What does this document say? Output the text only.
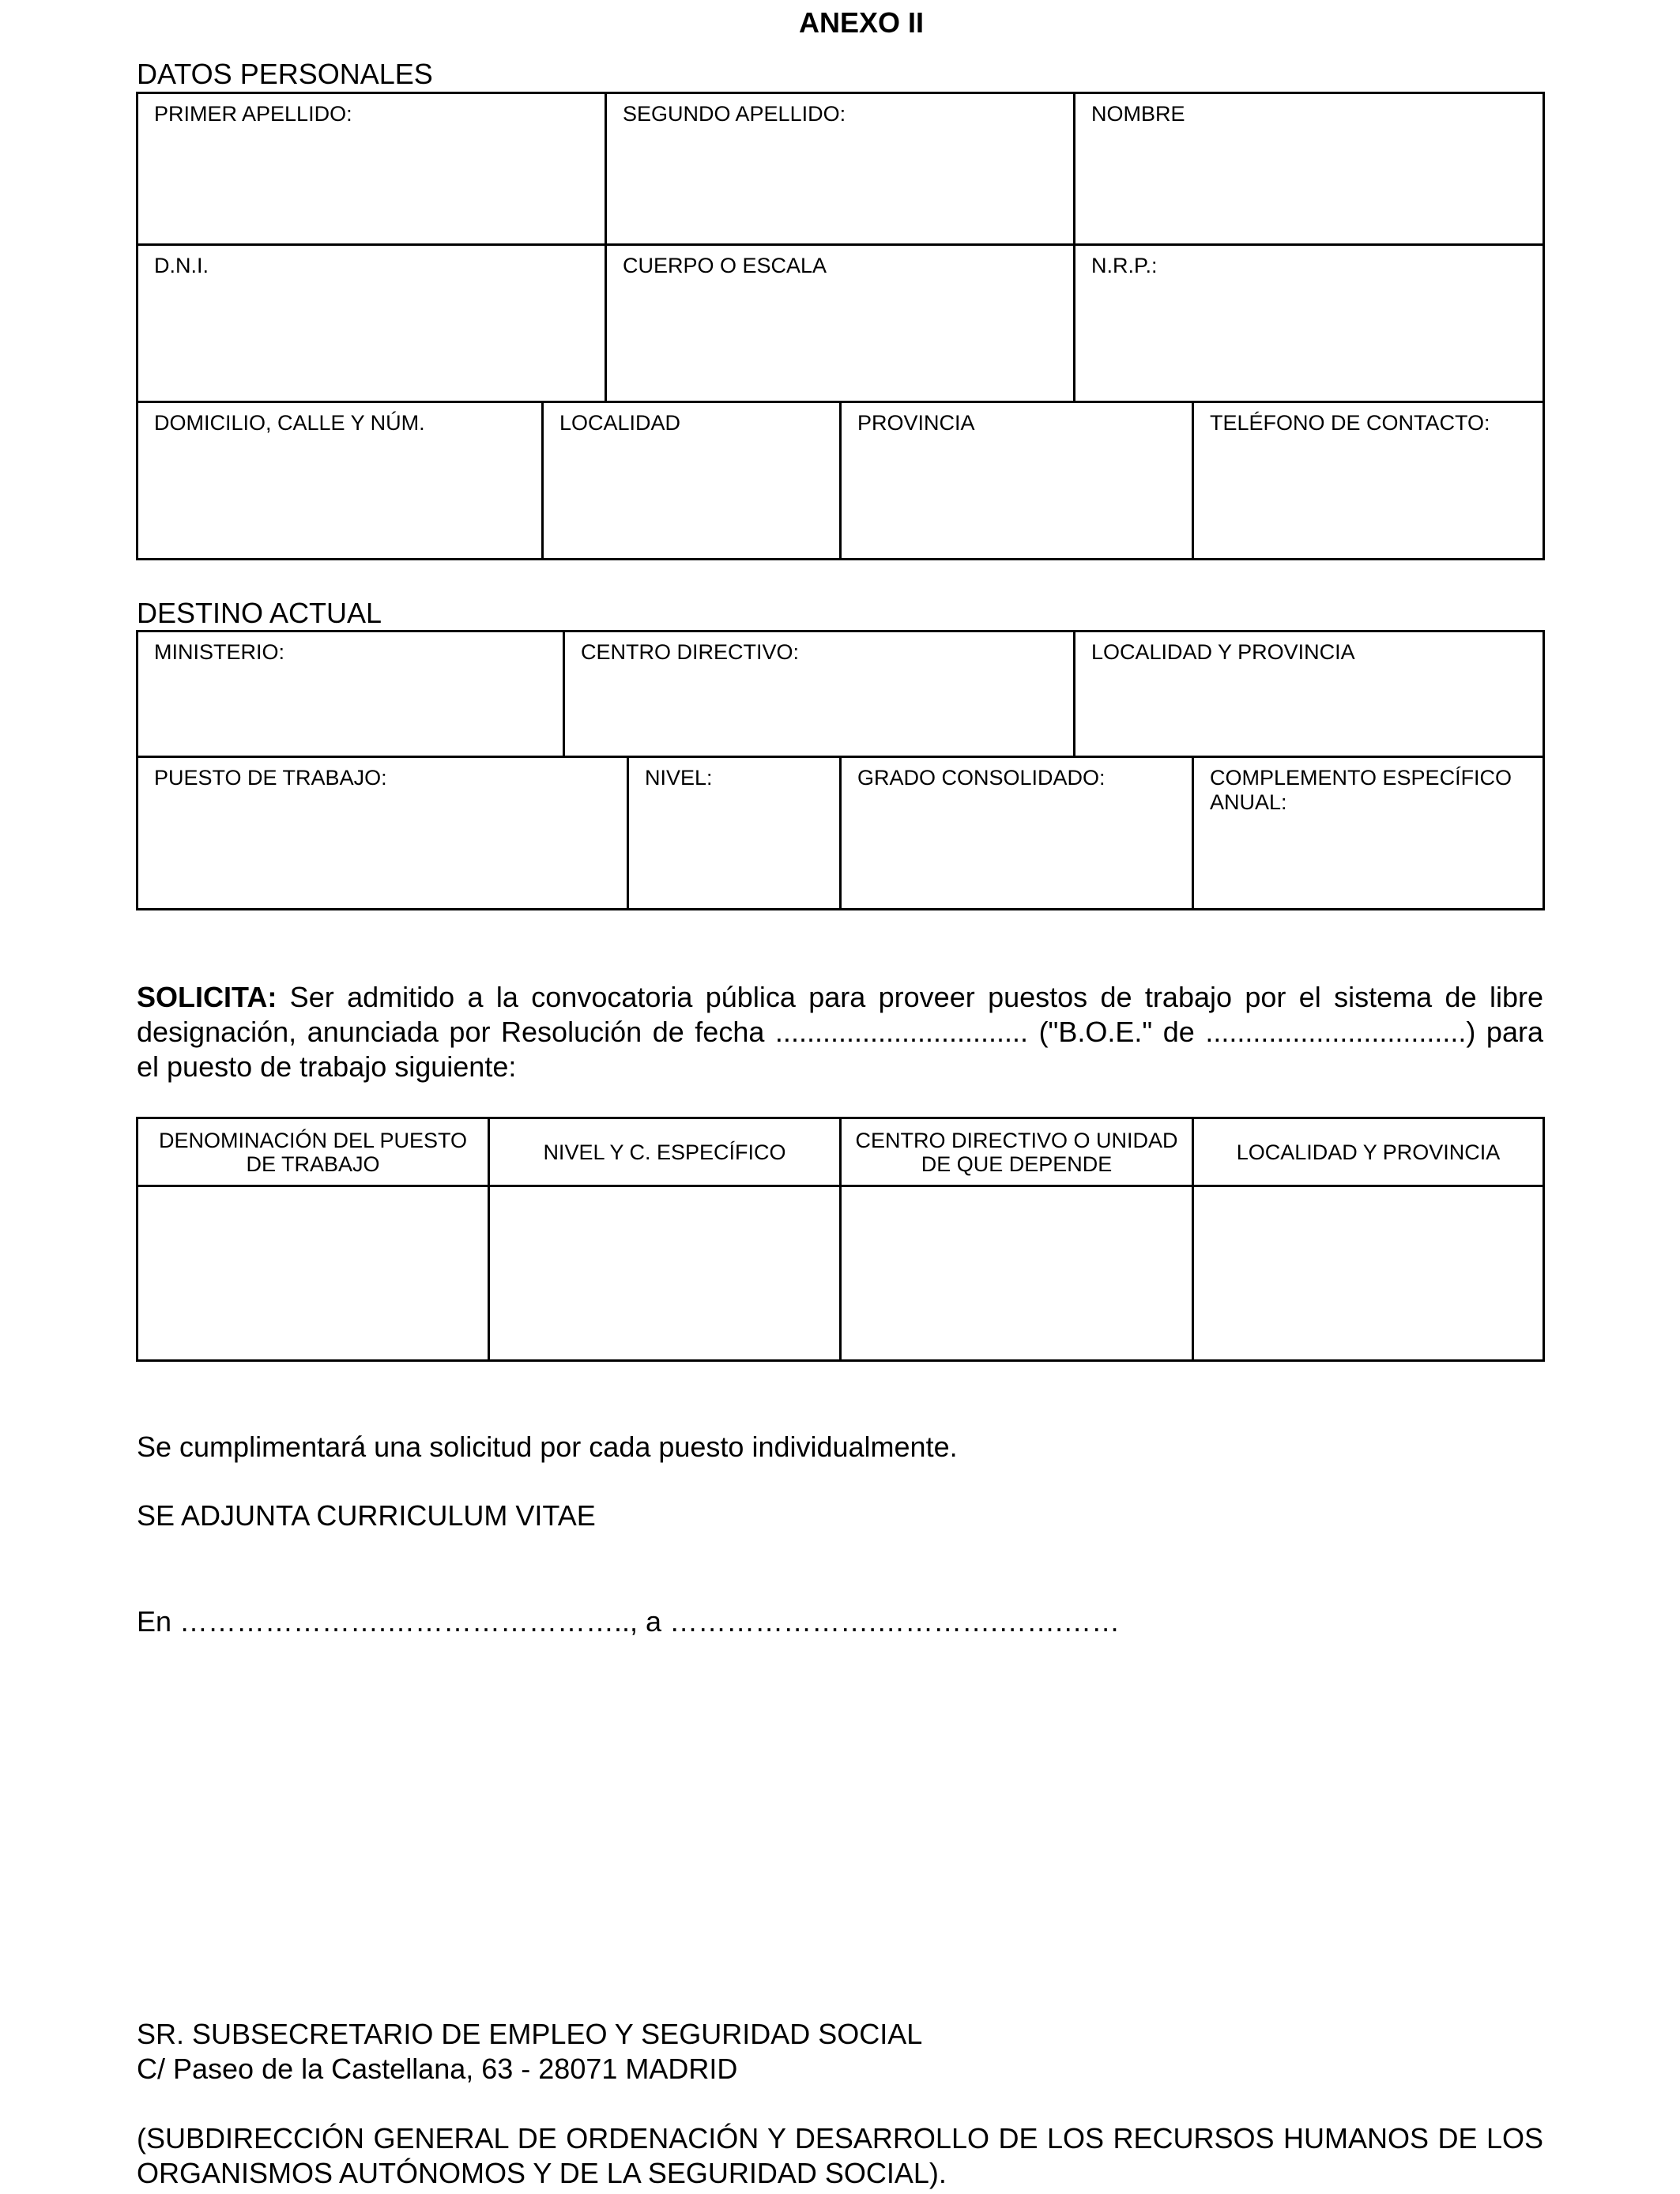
ANEXO II
DATOS PERSONALES
PRIMER APELLIDO:	SEGUNDO APELLIDO:	NOMBRE
D.N.I.	CUERPO O ESCALA	N.R.P.:
DOMICILIO, CALLE Y NÚM.	LOCALIDAD	PROVINCIA	TELÉFONO DE CONTACTO:
DESTINO ACTUAL
MINISTERIO:	CENTRO DIRECTIVO:	LOCALIDAD Y PROVINCIA
PUESTO DE TRABAJO:	NIVEL:	GRADO CONSOLIDADO:	COMPLEMENTO ESPECÍFICO ANUAL:
SOLICITA: Ser admitido a la convocatoria pública para proveer puestos de trabajo por el sistema de libre designación, anunciada por Resolución de fecha ................................ ("B.O.E." de .................................) para el puesto de trabajo siguiente:
DENOMINACIÓN DEL PUESTO DE TRABAJO	NIVEL Y C. ESPECÍFICO	CENTRO DIRECTIVO O UNIDAD DE QUE DEPENDE	LOCALIDAD Y PROVINCIA
Se cumplimentará una solicitud por cada puesto individualmente.
SE ADJUNTA CURRICULUM VITAE
En ………………….…………………….., a ………………….………….…….……
SR. SUBSECRETARIO DE EMPLEO Y SEGURIDAD SOCIAL
C/ Paseo de la Castellana, 63 - 28071 MADRID
(SUBDIRECCIÓN GENERAL DE ORDENACIÓN Y DESARROLLO DE LOS RECURSOS HUMANOS DE LOS ORGANISMOS AUTÓNOMOS Y DE LA SEGURIDAD SOCIAL).
